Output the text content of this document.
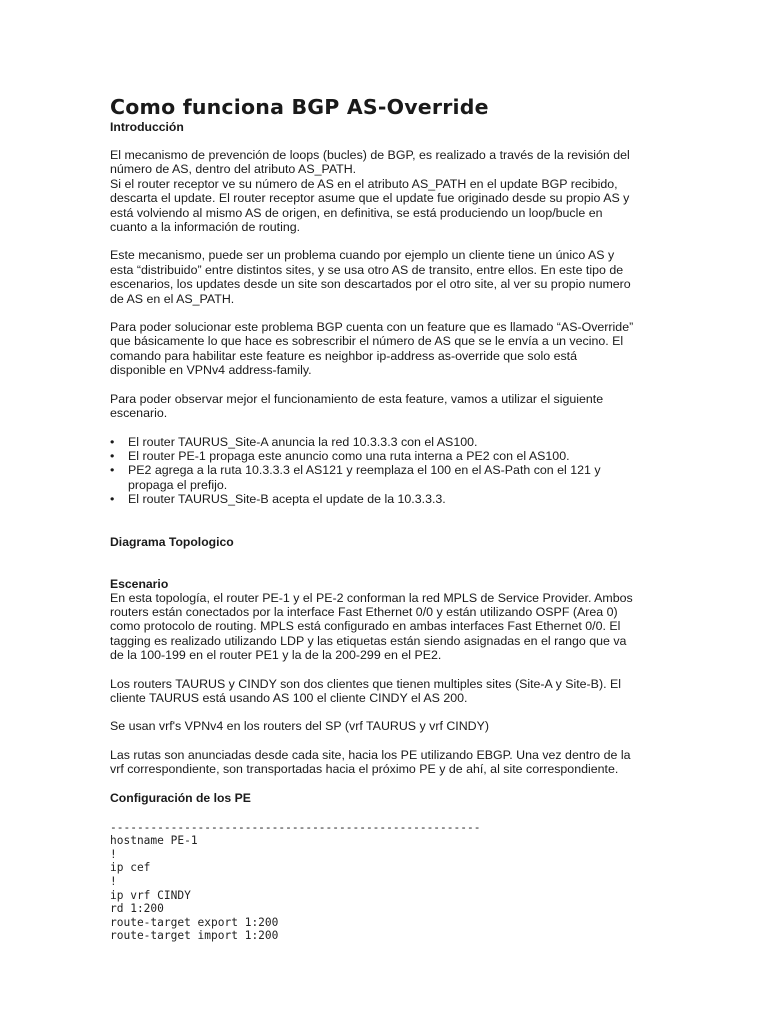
Como funciona BGP AS-Override
Introducción

El mecanismo de prevención de loops (bucles) de BGP, es realizado a través de la revisión del
número de AS, dentro del atributo AS_PATH.
Si el router receptor ve su número de AS en el atributo AS_PATH en el update BGP recibido,
descarta el update. El router receptor asume que el update fue originado desde su propio AS y
está volviendo al mismo AS de origen, en definitiva, se está produciendo un loop/bucle en
cuanto a la información de routing.

Este mecanismo, puede ser un problema cuando por ejemplo un cliente tiene un único AS y
esta “distribuido” entre distintos sites, y se usa otro AS de transito, entre ellos. En este tipo de
escenarios, los updates desde un site son descartados por el otro site, al ver su propio numero
de AS en el AS_PATH.

Para poder solucionar este problema BGP cuenta con un feature que es llamado “AS-Override”
que básicamente lo que hace es sobrescribir el número de AS que se le envía a un vecino. El
comando para habilitar este feature es neighbor ip-address as-override que solo está
disponible en VPNv4 address-family.

Para poder observar mejor el funcionamiento de esta feature, vamos a utilizar el siguiente
escenario.

• El router TAURUS_Site-A anuncia la red 10.3.3.3 con el AS100.
• El router PE-1 propaga este anuncio como una ruta interna a PE2 con el AS100.
• PE2 agrega a la ruta 10.3.3.3 el AS121 y reemplaza el 100 en el AS-Path con el 121 y
propaga el prefijo.
• El router TAURUS_Site-B acepta el update de la 10.3.3.3.
Diagrama Topologico
Escenario

En esta topología, el router PE-1 y el PE-2 conforman la red MPLS de Service Provider. Ambos
routers están conectados por la interface Fast Ethernet 0/0 y están utilizando OSPF (Area 0)
como protocolo de routing. MPLS está configurado en ambas interfaces Fast Ethernet 0/0. El
tagging es realizado utilizando LDP y las etiquetas están siendo asignadas en el rango que va
de la 100-199 en el router PE1 y la de la 200-299 en el PE2.

Los routers TAURUS y CINDY son dos clientes que tienen multiples sites (Site-A y Site-B). El
cliente TAURUS está usando AS 100 el cliente CINDY el AS 200.

Se usan vrf's VPNv4 en los routers del SP (vrf TAURUS y vrf CINDY)

Las rutas son anunciadas desde cada site, hacia los PE utilizando EBGP. Una vez dentro de la
vrf correspondiente, son transportadas hacia el próximo PE y de ahí, al site correspondiente.

Configuración de los PE
-------------------------------------------------------
hostname PE-1
!
ip cef
!
ip vrf CINDY
rd 1:200
route-target export 1:200
route-target import 1:200
